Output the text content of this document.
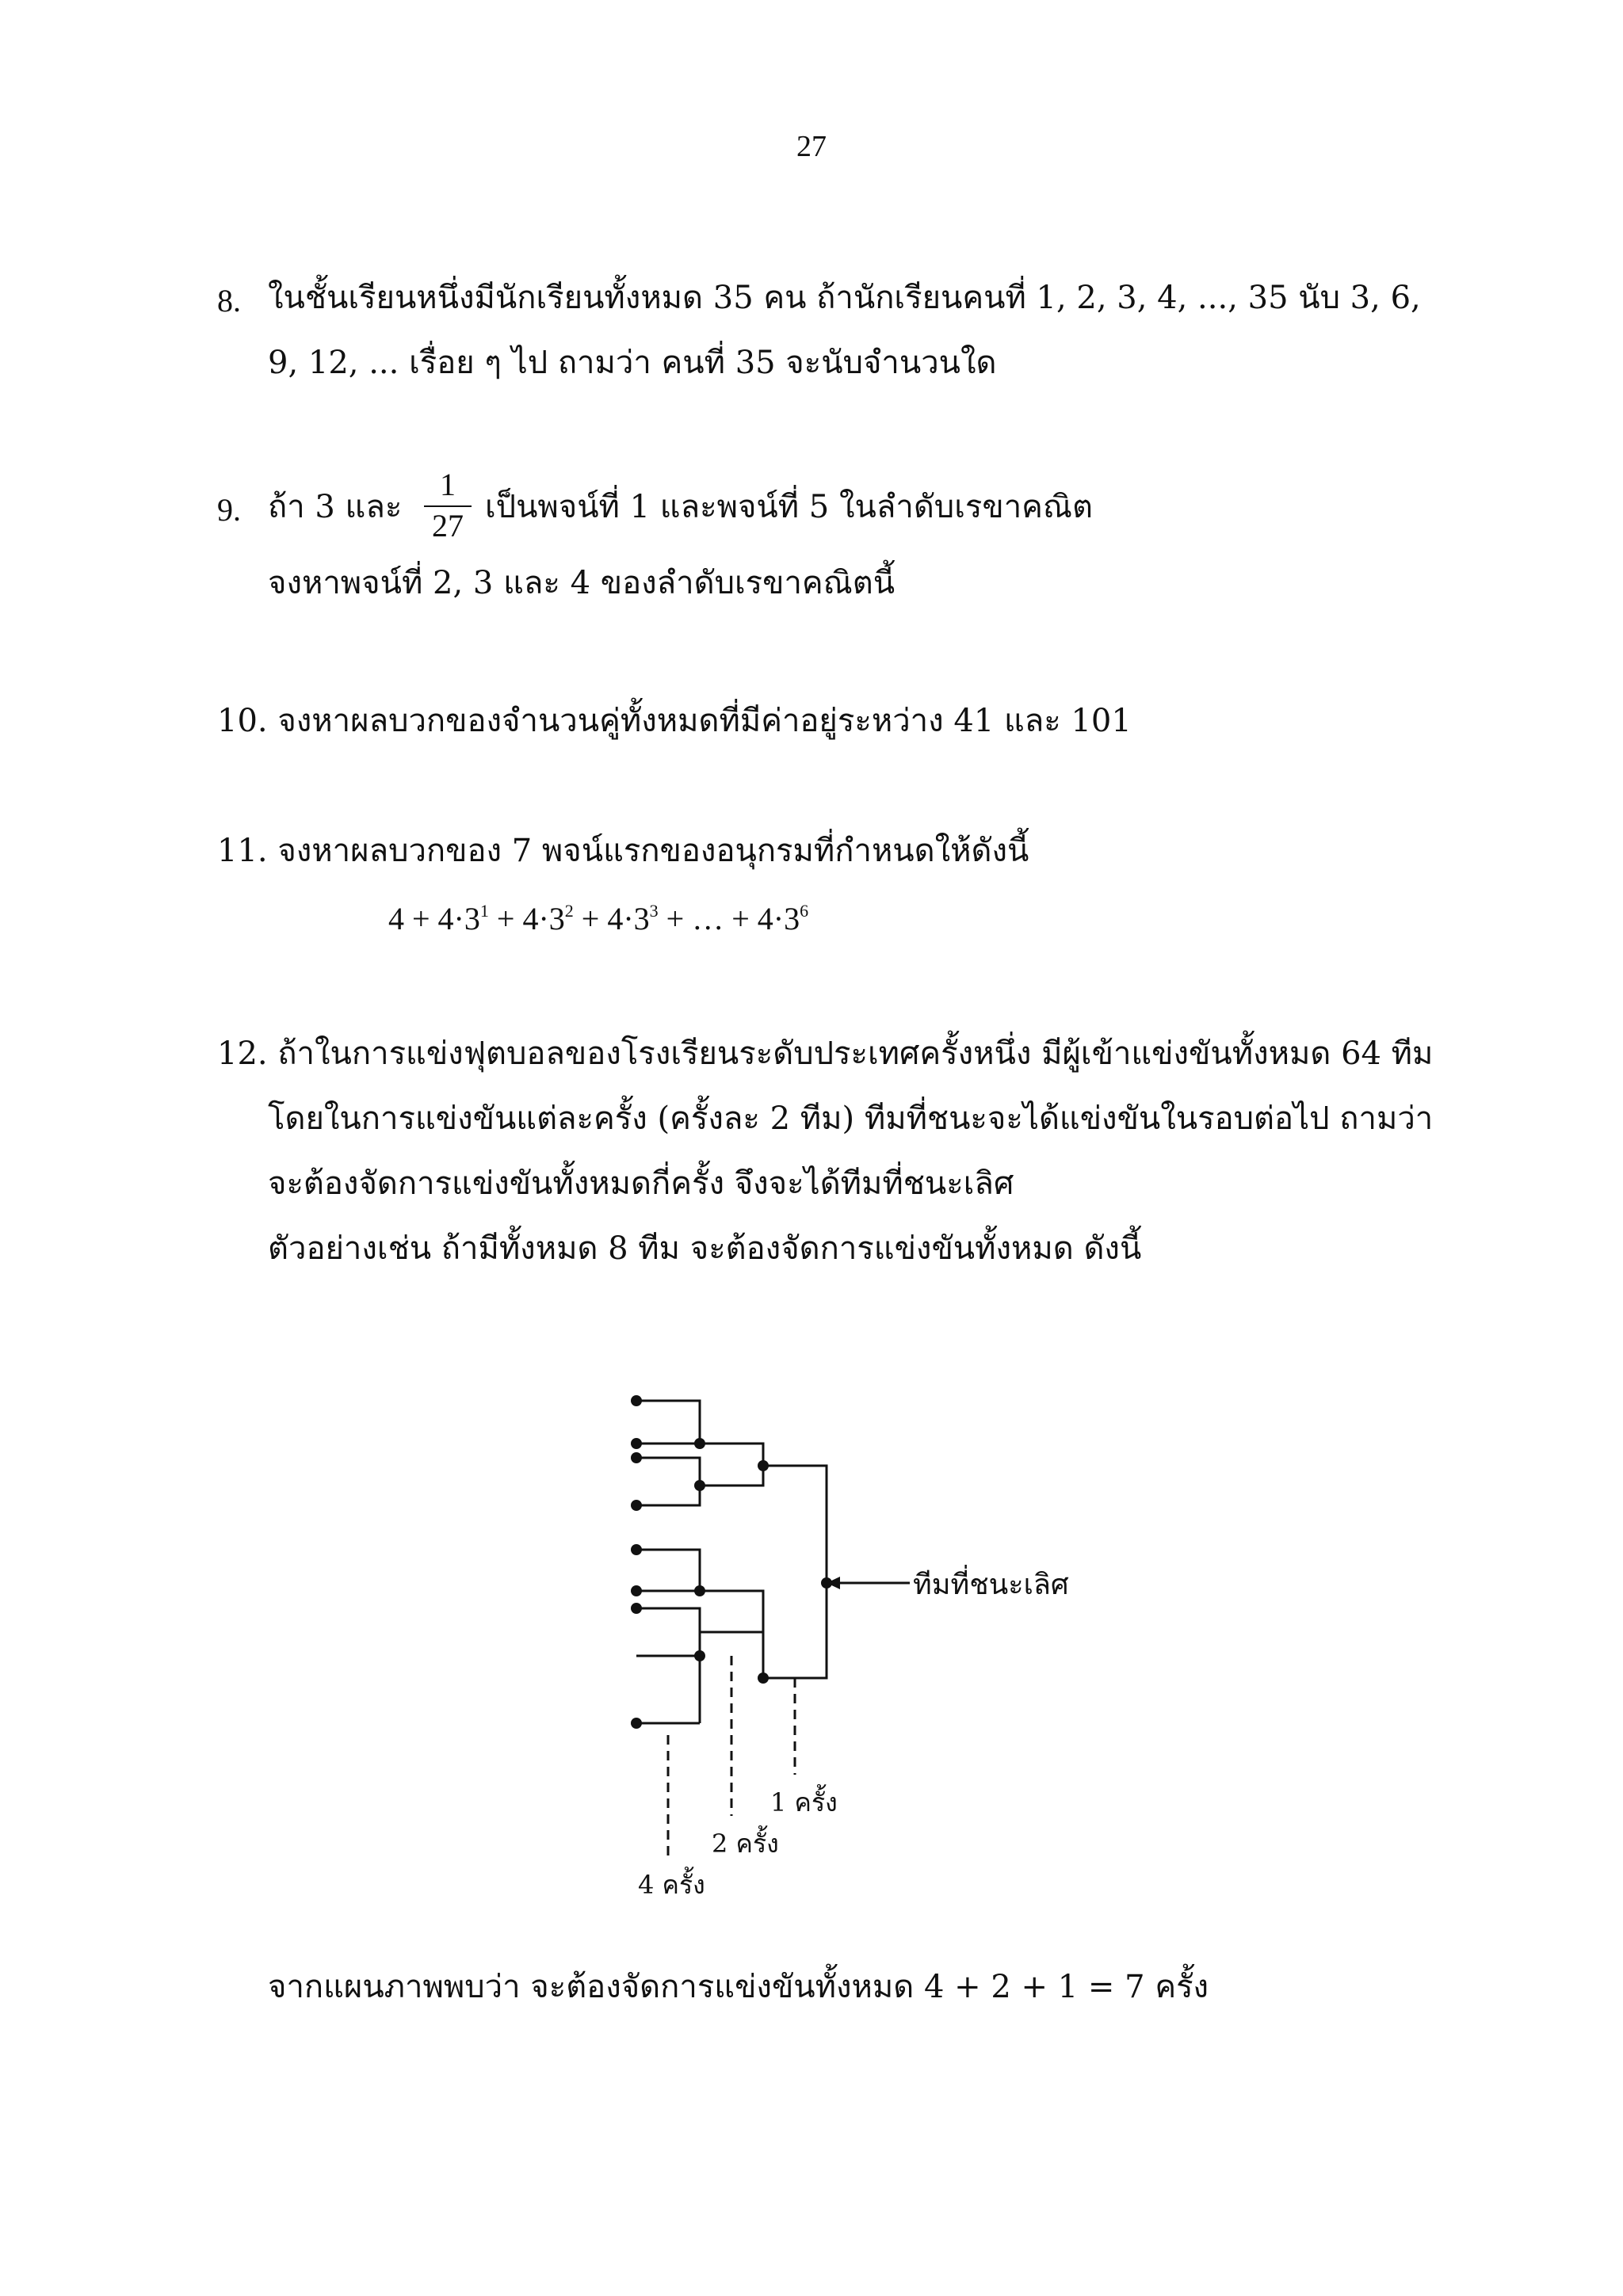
27
8. ในชั้นเรียนหนึ่งมีนักเรียนทั้งหมด 35 คน ถ้านักเรียนคนที่ 1, 2, 3, 4, ..., 35 นับ 3, 6,
9, 12, ... เรื่อย ๆ ไป ถามว่า คนที่ 35 จะนับจำนวนใด
9. ถ้า 3 และ
1
27
เป็นพจน์ที่ 1 และพจน์ที่ 5 ในลำดับเรขาคณิต
จงหาพจน์ที่ 2, 3 และ 4 ของลำดับเรขาคณิตนี้
10. จงหาผลบวกของจำนวนคู่ทั้งหมดที่มีค่าอยู่ระหว่าง 41 และ 101
11. จงหาผลบวกของ 7 พจน์แรกของอนุกรมที่กำหนดให้ดังนี้
$4 + 4\cdot 3^1 + 4\cdot 3^2 + 4\cdot 3^3$ + … + $4\cdot 3^6$
12. ถ้าในการแข่งฟุตบอลของโรงเรียนระดับประเทศครั้งหนึ่ง มีผู้เข้าแข่งขันทั้งหมด 64 ทีม
โดยในการแข่งขันแต่ละครั้ง (ครั้งละ 2 ทีม) ทีมที่ชนะจะได้แข่งขันในรอบต่อไป ถามว่า
จะต้องจัดการแข่งขันทั้งหมดกี่ครั้ง จึงจะได้ทีมที่ชนะเลิศ
ตัวอย่างเช่น ถ้ามีทั้งหมด 8 ทีม จะต้องจัดการแข่งขันทั้งหมด ดังนี้
ทีมที่ชนะเลิศ
1 ครั้ง
2 ครั้ง
4 ครั้ง
จากแผนภาพพบว่า จะต้องจัดการแข่งขันทั้งหมด 4 + 2 + 1 = 7 ครั้ง
